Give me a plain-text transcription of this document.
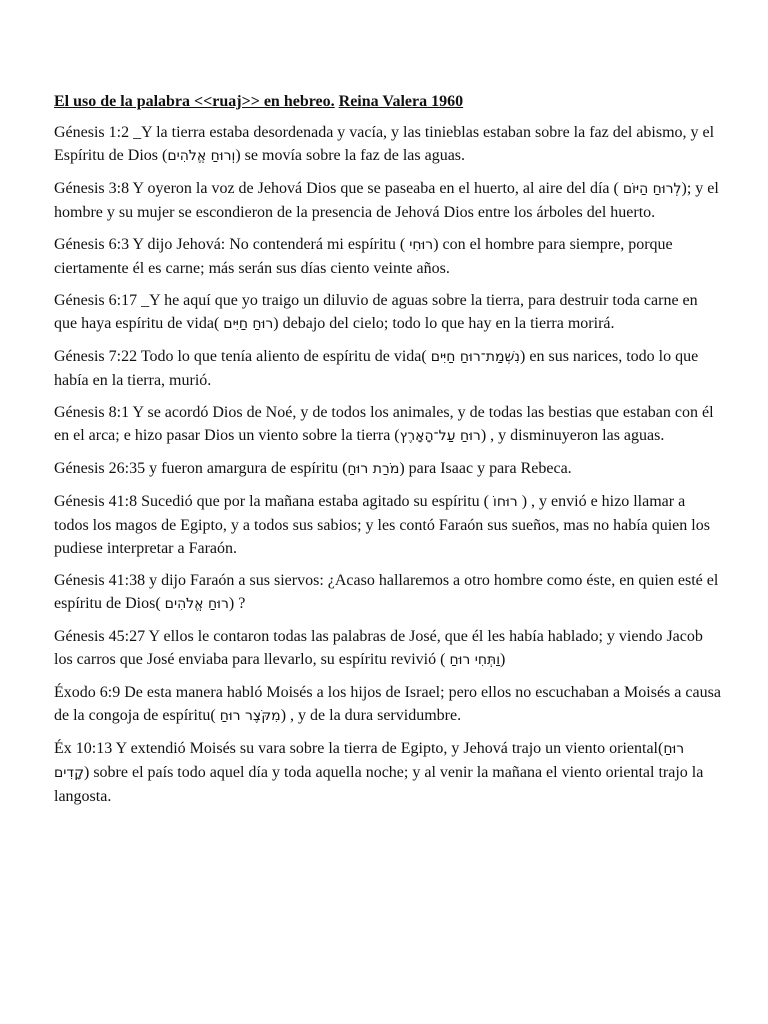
El uso de la palabra <<ruaj>> en hebreo. Reina Valera 1960
Génesis 1:2 _Y la tierra estaba desordenada y vacía, y las tinieblas estaban sobre la faz del abismo, y el Espíritu de Dios (וְרוּחַ אֱלֹהִים) se movía sobre la faz de las aguas.
Génesis 3:8 Y oyeron la voz de Jehová Dios que se paseaba en el huerto, al aire del día ( לְרוּחַ הַיּוֹם); y el hombre y su mujer se escondieron de la presencia de Jehová Dios entre los árboles del huerto.
Génesis 6:3 Y dijo Jehová: No contenderá mi espíritu ( רוּחִי) con el hombre para siempre, porque ciertamente él es carne; más serán sus días ciento veinte años.
Génesis 6:17 _Y he aquí que yo traigo un diluvio de aguas sobre la tierra, para destruir toda carne en que haya espíritu de vida( רוּחַ חַיִּים) debajo del cielo; todo lo que hay en la tierra morirá.
Génesis 7:22 Todo lo que tenía aliento de espíritu de vida( נִשְׁמַת־רוּחַ חַיִּים) en sus narices, todo lo que había en la tierra, murió.
Génesis 8:1 Y se acordó Dios de Noé, y de todos los animales, y de todas las bestias que estaban con él en el arca; e hizo pasar Dios un viento sobre la tierra (רוּחַ עַל־הָאָרֶץ) , y disminuyeron las aguas.
Génesis 26:35 y fueron amargura de espíritu (מֹרַת רוּחַ) para Isaac y para Rebeca.
Génesis 41:8 Sucedió que por la mañana estaba agitado su espíritu ( רוּחוֹ ) , y envió e hizo llamar a todos los magos de Egipto, y a todos sus sabios; y les contó Faraón sus sueños, mas no había quien los pudiese interpretar a Faraón.
Génesis 41:38 y dijo Faraón a sus siervos: ¿Acaso hallaremos a otro hombre como éste, en quien esté el espíritu de Dios( רוּחַ אֱלֹהִים) ?
Génesis 45:27 Y ellos le contaron todas las palabras de José, que él les había hablado; y viendo Jacob los carros que José enviaba para llevarlo, su espíritu revivió ( וַתְּחִי רוּחַ)
Éxodo 6:9 De esta manera habló Moisés a los hijos de Israel; pero ellos no escuchaban a Moisés a causa de la congoja de espíritu( מִקֹּצֶר רוּחַ) , y de la dura servidumbre.
Éx 10:13 Y extendió Moisés su vara sobre la tierra de Egipto, y Jehová trajo un viento oriental(רוּחַ קָדִים) sobre el país todo aquel día y toda aquella noche; y al venir la mañana el viento oriental trajo la langosta.
